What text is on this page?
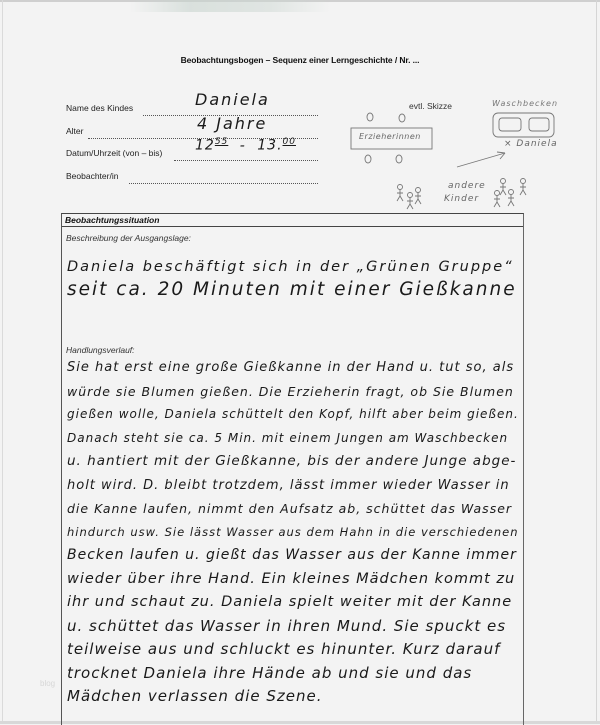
Beobachtungsbogen – Sequenz einer Lerngeschichte / Nr. ...
Name des Kindes	Daniela
Alter	4 Jahre
Datum/Uhrzeit (von – bis)	$12^{55} - 13.00$
Beobachter/in
evtl. Skizze
Erzieherinnen
Waschbecken
× Daniela
andere
Kinder
Beobachtungssituation
Beschreibung der Ausgangslage:
Daniela beschäftigt sich in der „Grünen Gruppe“
seit ca. 20 Minuten mit einer Gießkanne
Handlungsverlauf:
Sie hat erst eine große Gießkanne in der Hand u. tut so, als
würde sie Blumen gießen. Die Erzieherin fragt, ob Sie Blumen
gießen wolle, Daniela schüttelt den Kopf, hilft aber beim gießen.
Danach steht sie ca. 5 Min. mit einem Jungen am Waschbecken
u. hantiert mit der Gießkanne, bis der andere Junge abge-
holt wird. D. bleibt trotzdem, lässt immer wieder Wasser in
die Kanne laufen, nimmt den Aufsatz ab, schüttet das Wasser
hindurch usw. Sie lässt Wasser aus dem Hahn in die verschiedenen
Becken laufen u. gießt das Wasser aus der Kanne immer
wieder über ihre Hand. Ein kleines Mädchen kommt zu
ihr und schaut zu. Daniela spielt weiter mit der Kanne
u. schüttet das Wasser in ihren Mund. Sie spuckt es
teilweise aus und schluckt es hinunter. Kurz darauf
trocknet Daniela ihre Hände ab und sie und das
Mädchen verlassen die Szene.
blog
